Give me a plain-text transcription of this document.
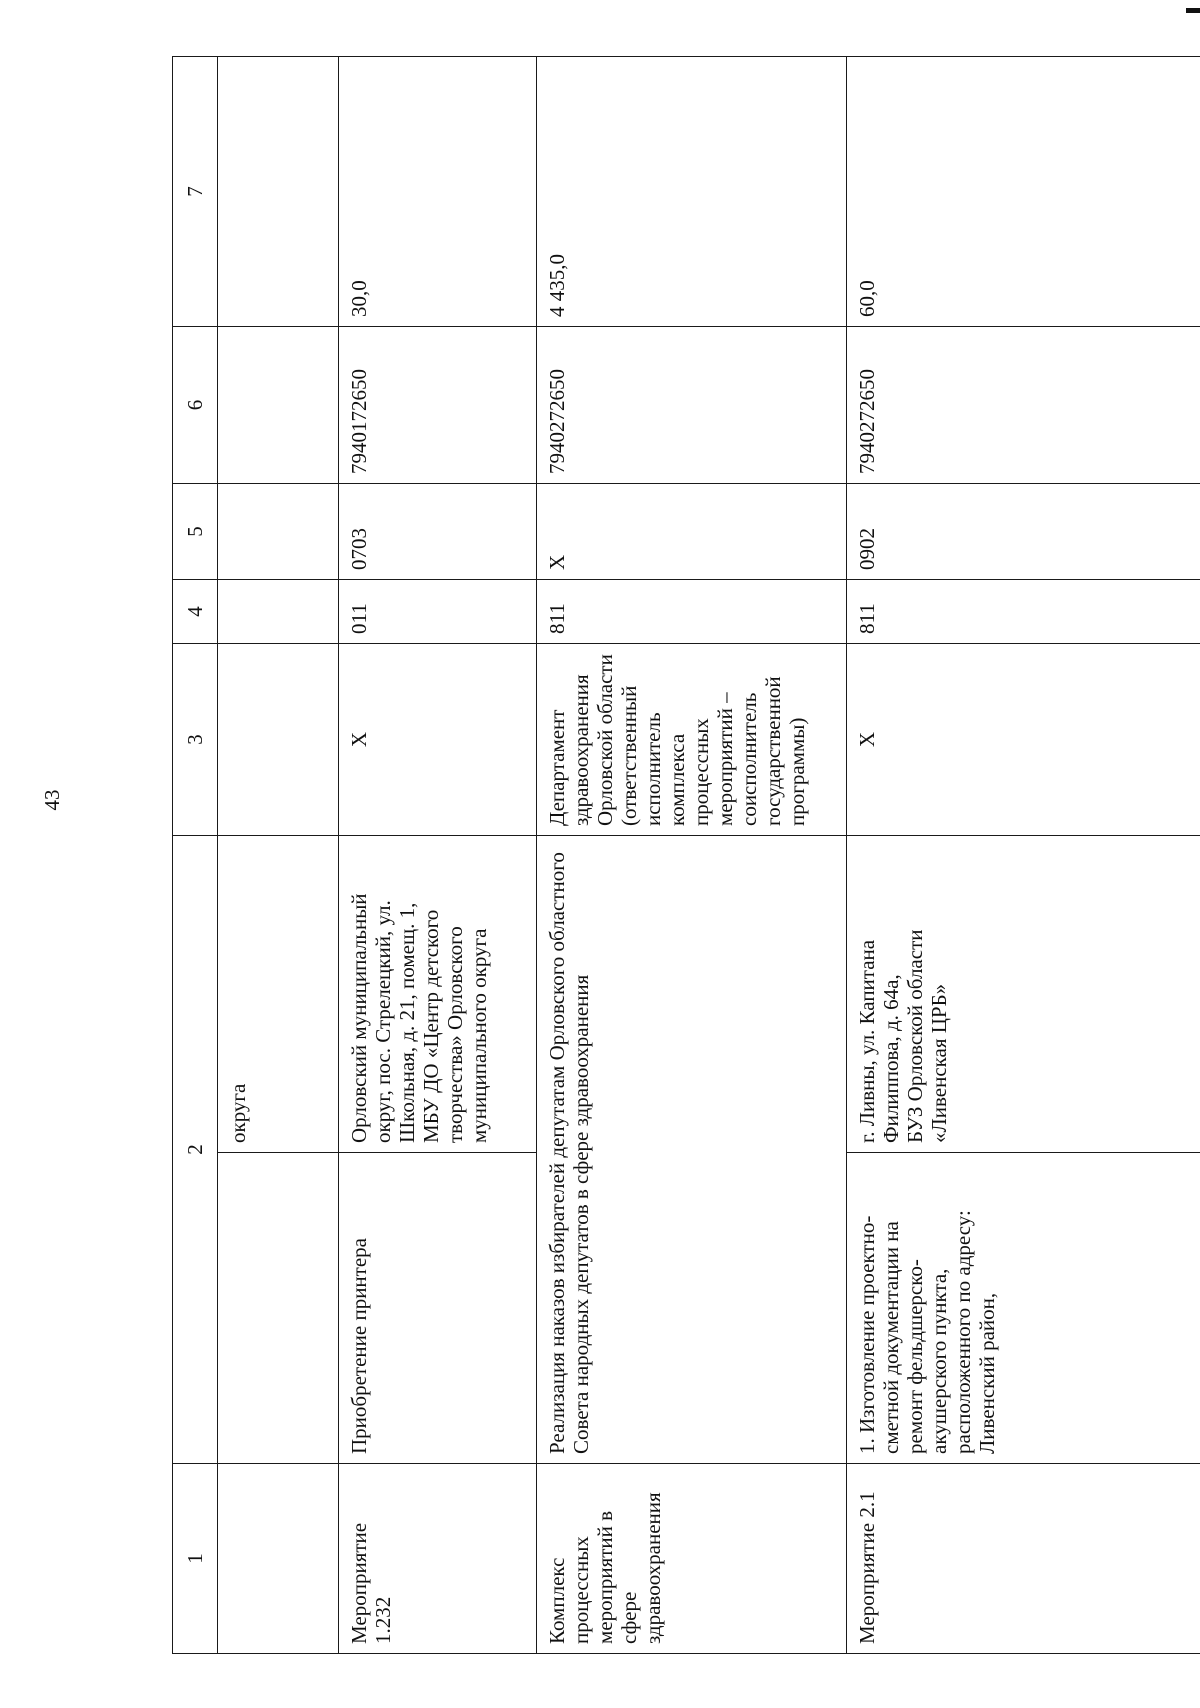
43
1	2		3	4	5	6	7
		округа					
Мероприятие 1.232	Приобретение принтера	Орловский муниципальный округ, пос. Стрелецкий, ул. Школьная, д. 21, помещ. 1, МБУ ДО «Центр детского творчества» Орловского муниципального округа	Х	011	0703	7940172650	30,0
Комплекс процессных мероприятий в сфере здравоохранения	Реализация наказов избирателей депутатам Орловского областного Совета народных депутатов в сфере здравоохранения		Департамент здравоохранения Орловской области (ответственный исполнитель комплекса процессных мероприятий – соисполнитель государственной программы)	811	Х	7940272650	4 435,0
Мероприятие 2.1	1. Изготовление проектно-сметной документации на ремонт фельдшерско-акушерского пункта, расположенного по адресу: Ливенский район,	г. Ливны, ул. Капитана Филиппова, д. 64а, БУЗ Орловской области «Ливенская ЦРБ»	Х	811	0902	7940272650	60,0
